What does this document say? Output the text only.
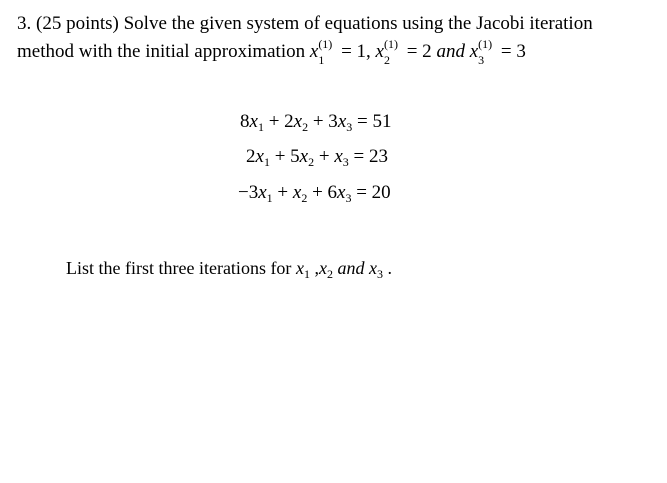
3. (25 points) Solve the given system of equations using the Jacobi iteration
method with the initial approximation x (1)
1 = 1, x (1)
2 = 2 and x (1)
3 = 3
$8x_1 + 2x_2 + 3x_3 = 51$
$2x_1 + 5x_2 + x_3 = 23$
$-3x_1 + x_2 + 6x_3 = 20$
List the first three iterations for $x_1$ $,x_2$ and $x_3$ .
